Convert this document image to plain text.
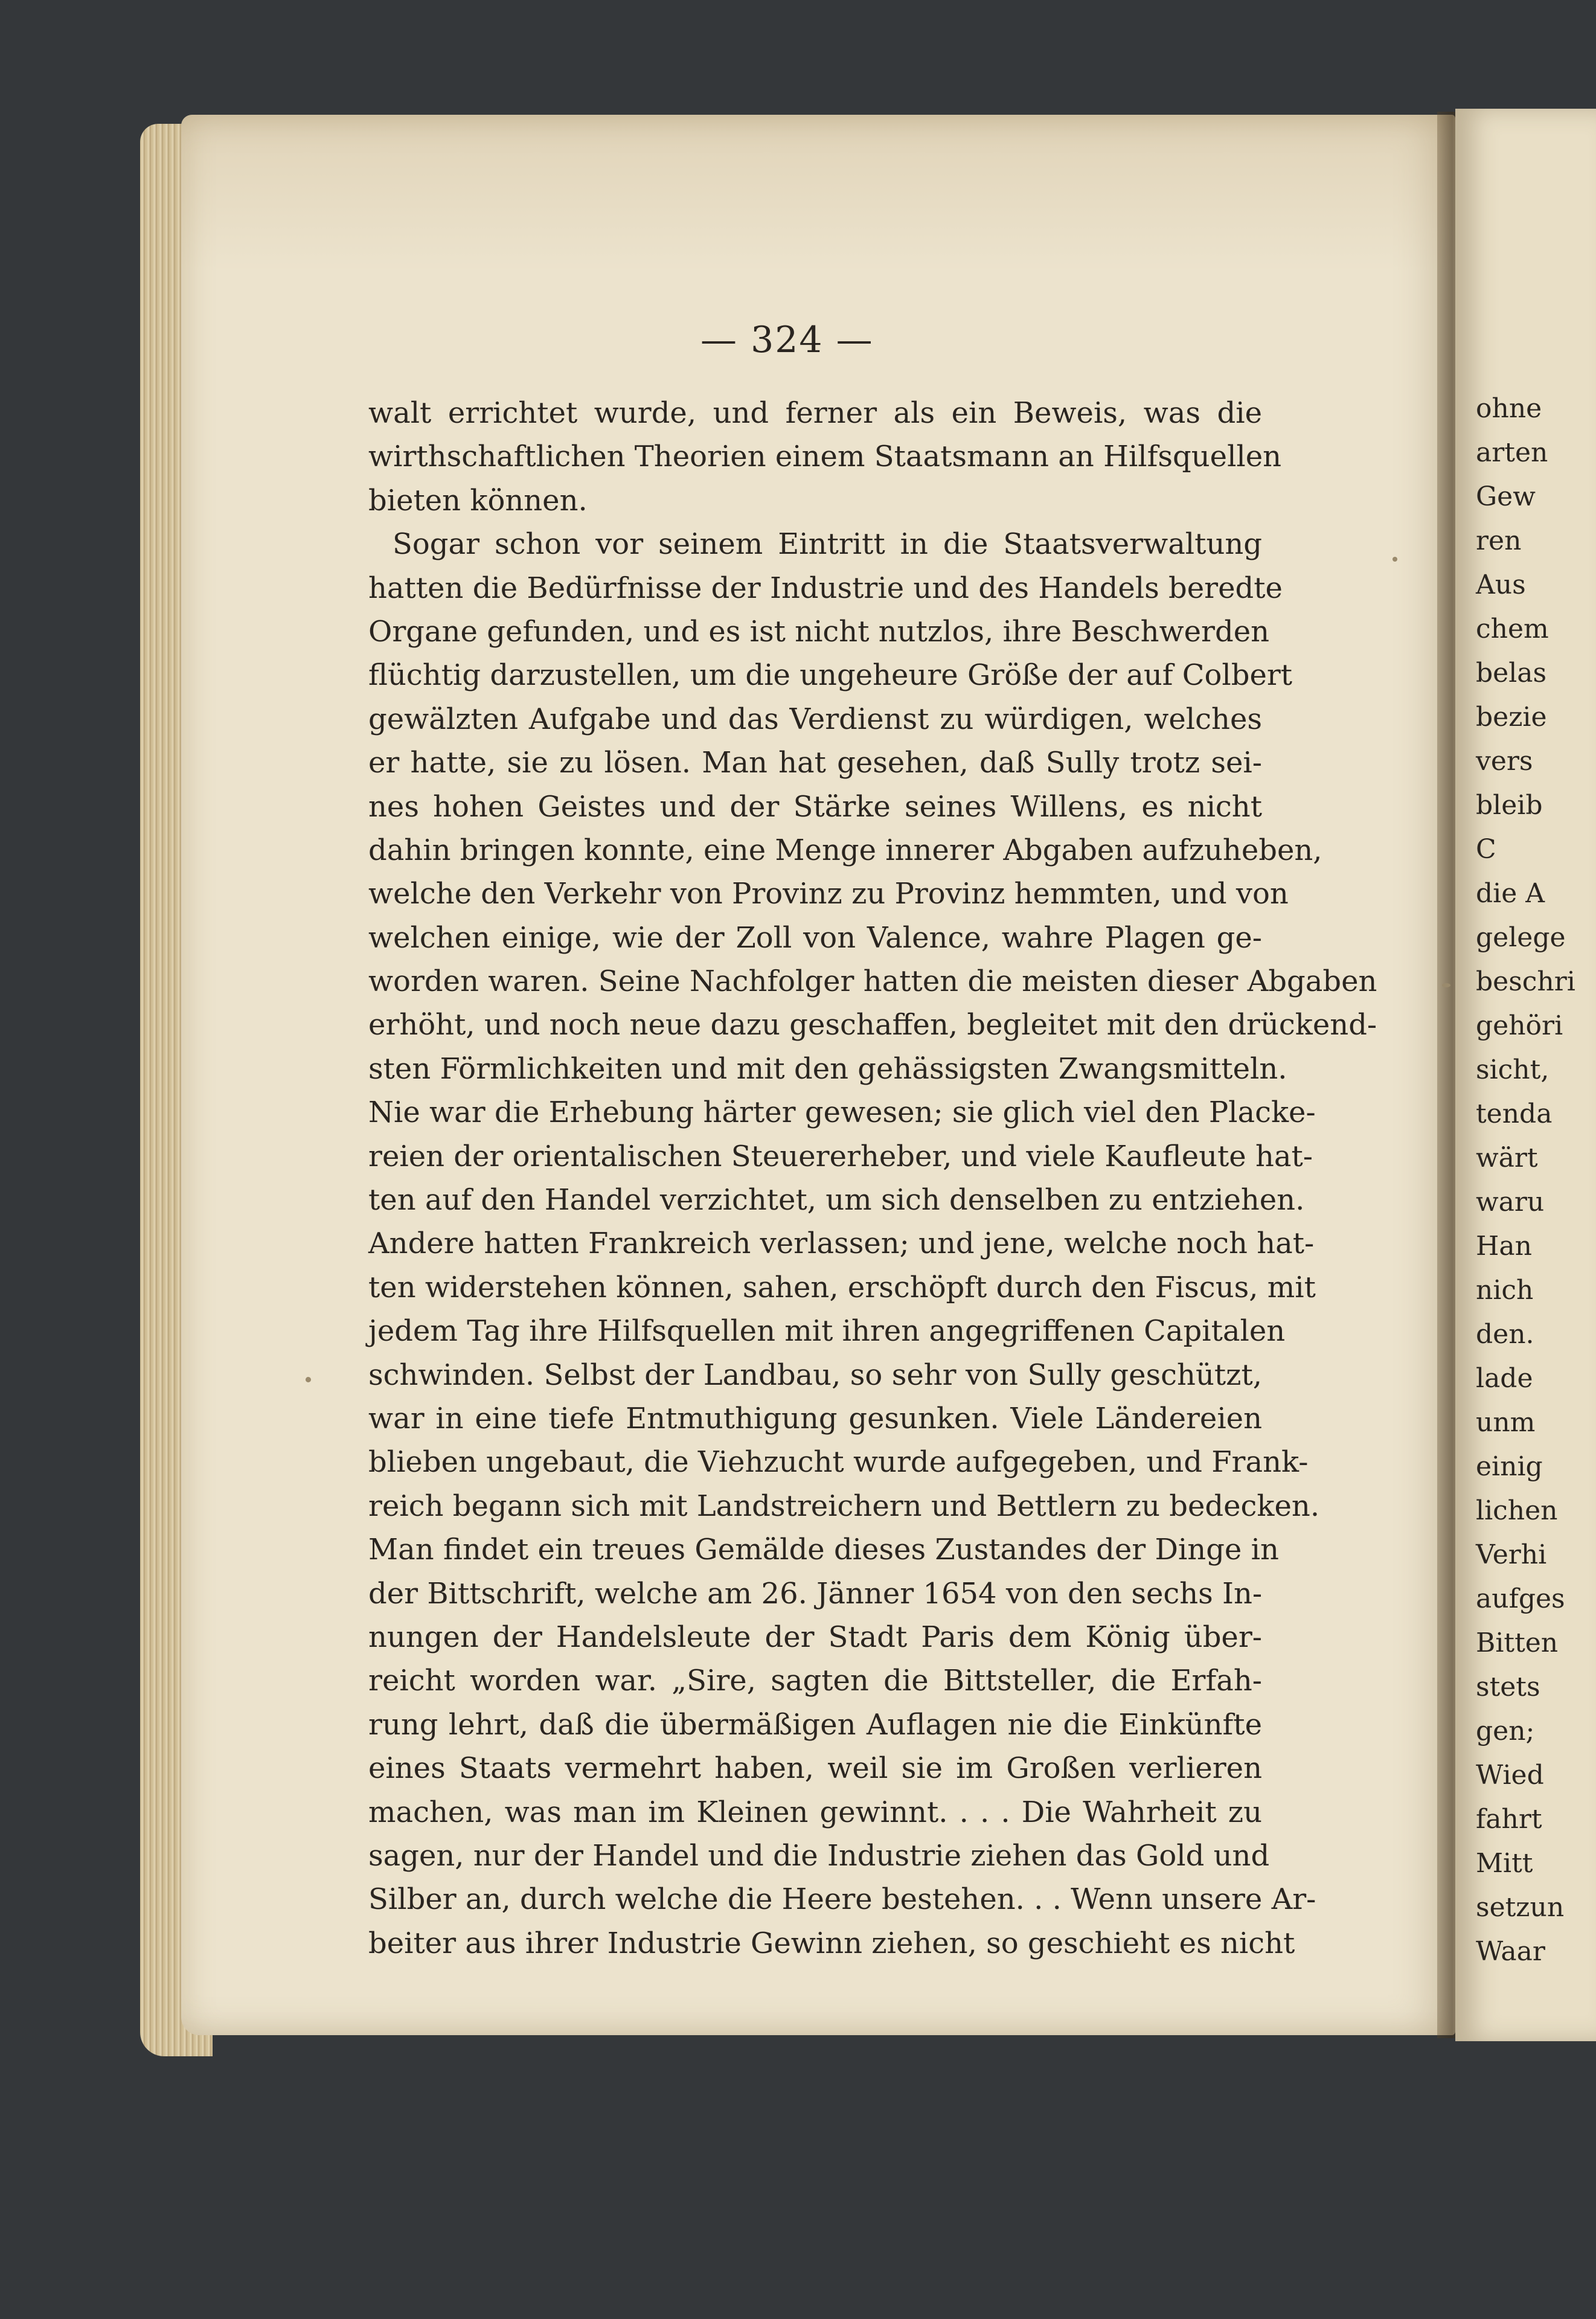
ohne
arten
Gew
ren
Aus
chem
belas
bezie
vers
bleib
C
die A
gelege
beschri
gehöri
sicht,
tenda
wärt
waru
Han
nich
den.
lade
unm
einig
lichen
Verhi
aufges
Bitten
stets
gen;
Wied
fahrt
Mitt
setzun
Waar
— 324 —
walt errichtet wurde, und ferner als ein Beweis, was die
wirthschaftlichen Theorien einem Staatsmann an Hilfsquellen
bieten können.
Sogar schon vor seinem Eintritt in die Staatsverwaltung
hatten die Bedürfnisse der Industrie und des Handels beredte
Organe gefunden, und es ist nicht nutzlos, ihre Beschwerden
flüchtig darzustellen, um die ungeheure Größe der auf Colbert
gewälzten Aufgabe und das Verdienst zu würdigen, welches
er hatte, sie zu lösen. Man hat gesehen, daß Sully trotz sei-
nes hohen Geistes und der Stärke seines Willens, es nicht
dahin bringen konnte, eine Menge innerer Abgaben aufzuheben,
welche den Verkehr von Provinz zu Provinz hemmten, und von
welchen einige, wie der Zoll von Valence, wahre Plagen ge-
worden waren. Seine Nachfolger hatten die meisten dieser Abgaben
erhöht, und noch neue dazu geschaffen, begleitet mit den drückend-
sten Förmlichkeiten und mit den gehässigsten Zwangsmitteln.
Nie war die Erhebung härter gewesen; sie glich viel den Placke-
reien der orientalischen Steuererheber, und viele Kaufleute hat-
ten auf den Handel verzichtet, um sich denselben zu entziehen.
Andere hatten Frankreich verlassen; und jene, welche noch hat-
ten widerstehen können, sahen, erschöpft durch den Fiscus, mit
jedem Tag ihre Hilfsquellen mit ihren angegriffenen Capitalen
schwinden. Selbst der Landbau, so sehr von Sully geschützt,
war in eine tiefe Entmuthigung gesunken. Viele Ländereien
blieben ungebaut, die Viehzucht wurde aufgegeben, und Frank-
reich begann sich mit Landstreichern und Bettlern zu bedecken.
Man findet ein treues Gemälde dieses Zustandes der Dinge in
der Bittschrift, welche am 26. Jänner 1654 von den sechs In-
nungen der Handelsleute der Stadt Paris dem König über-
reicht worden war. „Sire, sagten die Bittsteller, die Erfah-
rung lehrt, daß die übermäßigen Auflagen nie die Einkünfte
eines Staats vermehrt haben, weil sie im Großen verlieren
machen, was man im Kleinen gewinnt. . . . Die Wahrheit zu
sagen, nur der Handel und die Industrie ziehen das Gold und
Silber an, durch welche die Heere bestehen. . . Wenn unsere Ar-
beiter aus ihrer Industrie Gewinn ziehen, so geschieht es nicht
